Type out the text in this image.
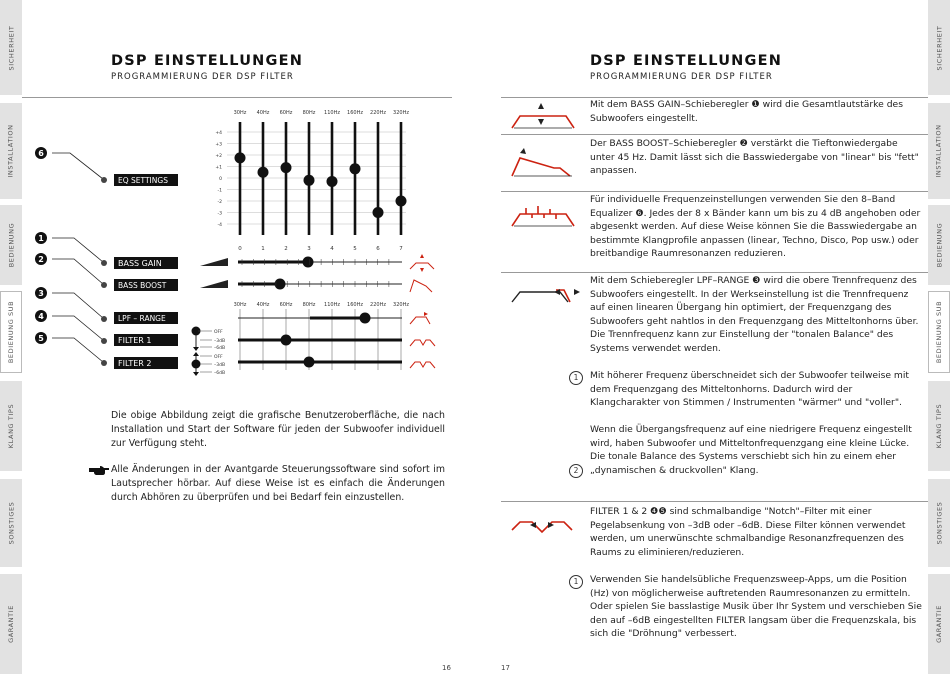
SICHERHEIT
INSTALLATION
BEDIENUNG
BEDIENUNG SUB
KLANG TIPS
SONSTIGES
GARANTIE
SICHERHEIT
INSTALLATION
BEDIENUNG
BEDIENUNG SUB
KLANG TIPS
SONSTIGES
GARANTIE
DSP EINSTELLUNGEN
PROGRAMMIERUNG DER DSP FILTER
30Hz 40Hz 60Hz 80Hz 110Hz 160Hz 220Hz 320Hz
+4
+3
+2
+1
0
-1
-2
-3
-4
0	1	2	3	4	5	6	7
6
1
2
3
4
5
EQ SETTINGS
BASS GAIN
BASS BOOST
LPF – RANGE
FILTER 1
FILTER 2
30Hz 40Hz 60Hz 80Hz 110Hz 160Hz 220Hz 320Hz
OFF
–3dB
–6dB
OFF
–3dB
–6dB
Die obige Abbildung zeigt die grafische Benutzeroberfläche, die nach Installation und Start der Software für jeden der Subwoofer individuell zur Verfügung steht.
Alle Änderungen in der Avantgarde Steuerungssoftware sind sofort im Lautsprecher hörbar. Auf diese Weise ist es einfach die Änderungen durch Abhören zu überprüfen und bei Bedarf fein einzustellen.
16	17
DSP EINSTELLUNGEN
PROGRAMMIERUNG DER DSP FILTER
Mit dem BASS GAIN–Schieberegler ❶ wird die Gesamtlautstärke des Subwoofers eingestellt.
Der BASS BOOST–Schieberegler ❷ verstärkt die Tieftonwiedergabe unter 45 Hz. Damit lässt sich die Basswiedergabe von "linear" bis "fett" anpassen.
Für individuelle Frequenzeinstellungen verwenden Sie den 8–Band Equalizer ❻. Jedes der 8 x Bänder kann um bis zu 4 dB angehoben oder abgesenkt werden. Auf diese Weise können Sie die Basswiedergabe an bestimmte Klangprofile anpassen (linear, Techno, Disco, Pop usw.) oder breitbandige Raumresonanzen reduzieren.
Mit dem Schieberegler LPF–RANGE ❸ wird die obere Trennfrequenz des Subwoofers eingestellt. In der Werkseinstellung ist die Trennfrequenz auf einen linearen Übergang hin optimiert, der Frequenzgang des Subwoofers geht nahtlos in den Frequenzgang des Mitteltonhorns über. Die Trennfrequenz kann zur Einstellung der "tonalen Balance" des Systems verwendet werden.
1	Mit höherer Frequenz überschneidet sich der Subwoofer teilweise mit dem Frequenzgang des Mitteltonhorns. Dadurch wird der Klangcharakter von Stimmen / Instrumenten "wärmer" und "voller".
2
Wenn die Übergangsfrequenz auf eine niedrigere Frequenz eingestellt wird, haben Subwoofer und Mitteltonfrequenzgang eine kleine Lücke. Die tonale Balance des Systems verschiebt sich hin zu einem eher „dynamischen & druckvollen" Klang.
FILTER 1 & 2 ❹❺ sind schmalbandige "Notch"–Filter mit einer Pegelabsenkung von –3dB oder –6dB. Diese Filter können verwendet werden, um unerwünschte schmalbandige Resonanzfrequenzen des Raums zu eliminieren/reduzieren.
1	Verwenden Sie handelsübliche Frequenzsweep-Apps, um die Position (Hz) von möglicherweise auftretenden Raumresonanzen zu ermitteln. Oder spielen Sie basslastige Musik über Ihr System und verschieben Sie den auf –6dB eingestellten FILTER langsam über die Frequenzskala, bis sich die "Dröhnung" verbessert.
